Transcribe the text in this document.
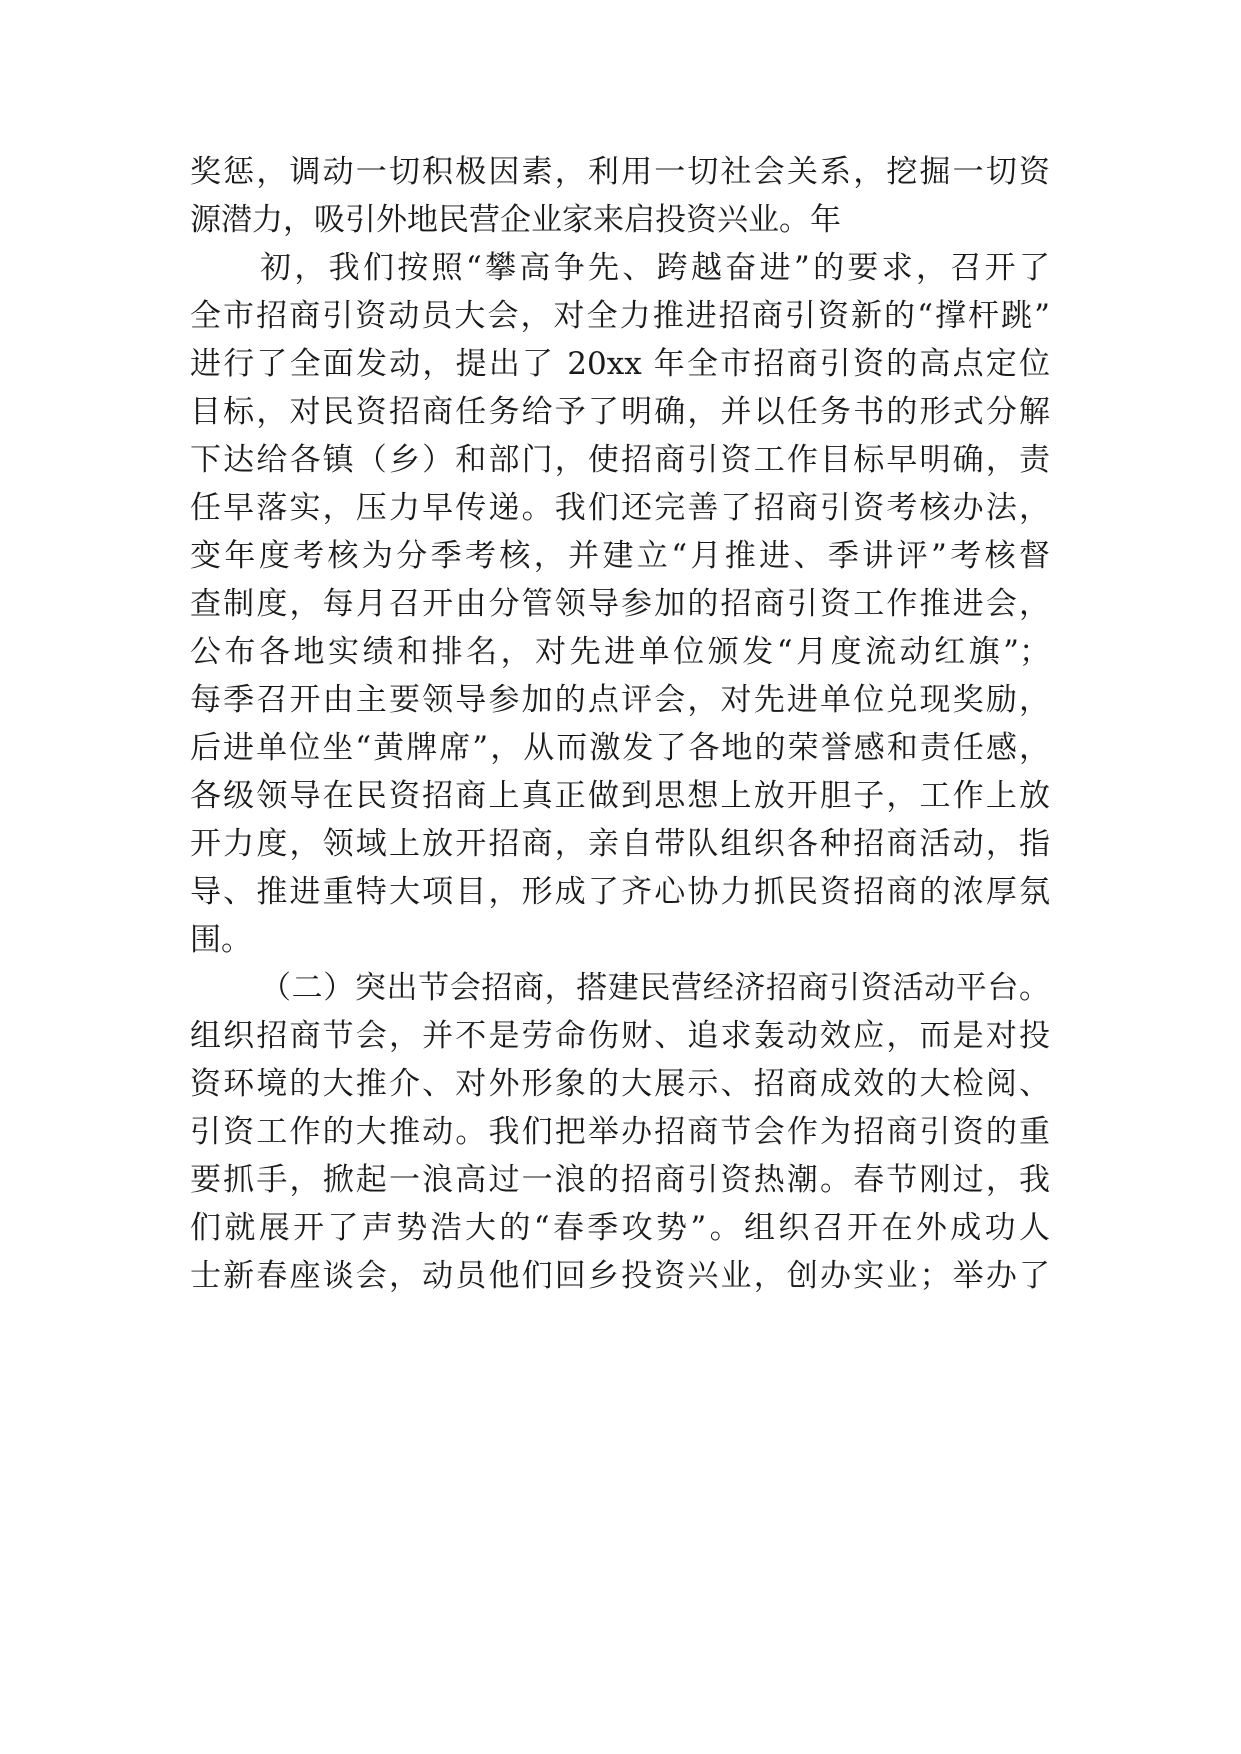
奖惩，调动一切积极因素，利用一切社会关系，挖掘一切资
源潜力，吸引外地民营企业家来启投资兴业。年
初，我们按照“攀高争先、跨越奋进”的要求，召开了
全市招商引资动员大会，对全力推进招商引资新的“撑杆跳”
进行了全面发动，提出了 20xx 年全市招商引资的高点定位
目标，对民资招商任务给予了明确，并以任务书的形式分解
下达给各镇（乡）和部门，使招商引资工作目标早明确，责
任早落实，压力早传递。我们还完善了招商引资考核办法，
变年度考核为分季考核，并建立“月推进、季讲评”考核督
查制度，每月召开由分管领导参加的招商引资工作推进会，
公布各地实绩和排名，对先进单位颁发“月度流动红旗”；
每季召开由主要领导参加的点评会，对先进单位兑现奖励，
后进单位坐“黄牌席”，从而激发了各地的荣誉感和责任感，
各级领导在民资招商上真正做到思想上放开胆子，工作上放
开力度，领域上放开招商，亲自带队组织各种招商活动，指
导、推进重特大项目，形成了齐心协力抓民资招商的浓厚氛
围。
（二）突出节会招商，搭建民营经济招商引资活动平台。
组织招商节会，并不是劳命伤财、追求轰动效应，而是对投
资环境的大推介、对外形象的大展示、招商成效的大检阅、
引资工作的大推动。我们把举办招商节会作为招商引资的重
要抓手，掀起一浪高过一浪的招商引资热潮。春节刚过，我
们就展开了声势浩大的“春季攻势”。组织召开在外成功人
士新春座谈会，动员他们回乡投资兴业，创办实业；举办了
